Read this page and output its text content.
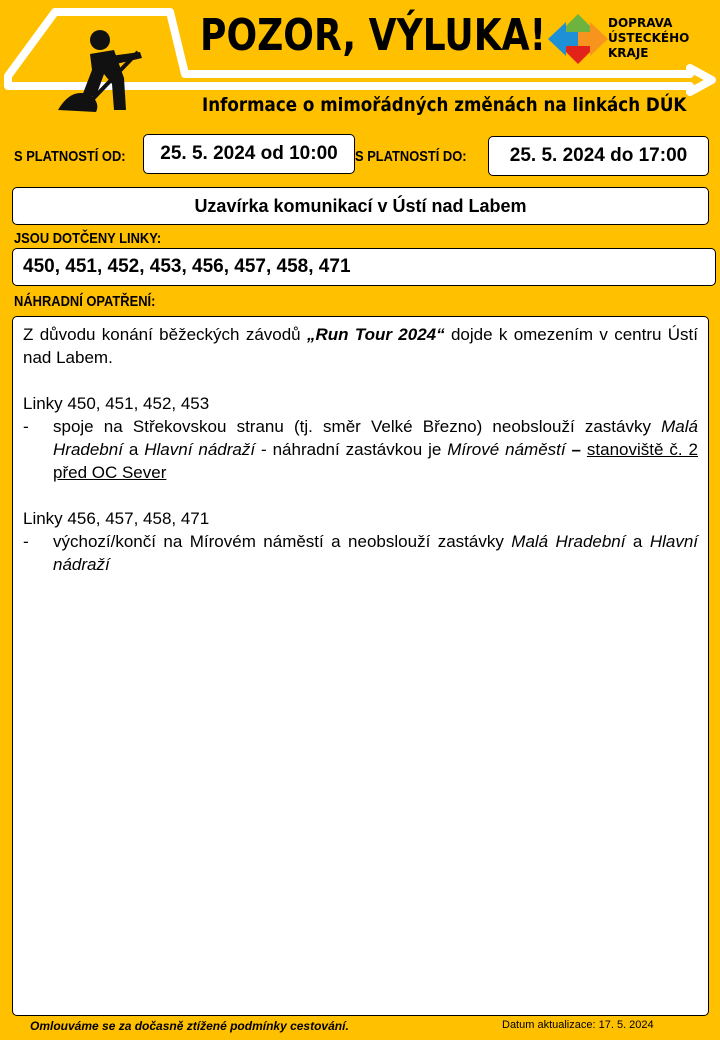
POZOR, VÝLUKA!	DOPRAVA
ÚSTECKÉHO
KRAJE
Informace o mimořádných změnách na linkách DÚK
S PLATNOSTÍ OD: 25. 5. 2024 od 10:00 S PLATNOSTÍ DO: 25. 5. 2024 do 17:00
Uzavírka komunikací v Ústí nad Labem
JSOU DOTČENY LINKY:
450, 451, 452, 453, 456, 457, 458, 471
NÁHRADNÍ OPATŘENÍ:

Z důvodu konání běžeckých závodů „Run Tour 2024“ dojde k omezením v centru Ústí nad Labem.

Linky 450, 451, 452, 453

-	spoje na Střekovskou stranu (tj. směr Velké Březno) neobslouží zastávky Malá Hradební a Hlavní nádraží - náhradní zastávkou je Mírové náměstí – stanoviště č. 2 před OC Sever

Linky 456, 457, 458, 471

-	výchozí/končí na Mírovém náměstí a neobslouží zastávky Malá Hradební a Hlavní nádraží
Omlouváme se za dočasně ztížené podmínky cestování.	Datum aktualizace: 17. 5. 2024
